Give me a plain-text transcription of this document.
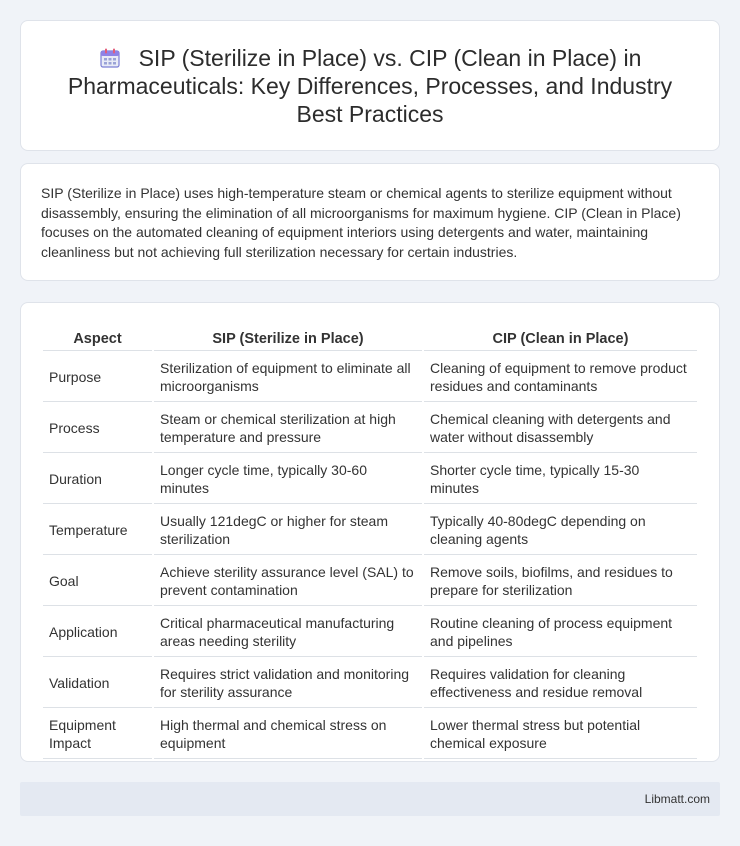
SIP (Sterilize in Place) vs. CIP (Clean in Place) in Pharmaceuticals: Key Differences, Processes, and Industry Best Practices

SIP (Sterilize in Place) uses high-temperature steam or chemical agents to sterilize equipment without disassembly, ensuring the elimination of all microorganisms for maximum hygiene. CIP (Clean in Place) focuses on the automated cleaning of equipment interiors using detergents and water, maintaining cleanliness but not achieving full sterilization necessary for certain industries.

Aspect	SIP (Sterilize in Place)	CIP (Clean in Place)
Purpose	Sterilization of equipment to eliminate all microorganisms	Cleaning of equipment to remove product residues and contaminants
Process	Steam or chemical sterilization at high temperature and pressure	Chemical cleaning with detergents and water without disassembly
Duration	Longer cycle time, typically 30-60 minutes	Shorter cycle time, typically 15-30 minutes
Temperature	Usually 121degC or higher for steam sterilization	Typically 40-80degC depending on cleaning agents
Goal	Achieve sterility assurance level (SAL) to prevent contamination	Remove soils, biofilms, and residues to prepare for sterilization
Application	Critical pharmaceutical manufacturing areas needing sterility	Routine cleaning of process equipment and pipelines
Validation	Requires strict validation and monitoring for sterility assurance	Requires validation for cleaning effectiveness and residue removal
Equipment Impact	High thermal and chemical stress on equipment	Lower thermal stress but potential chemical exposure
Libmatt.com
